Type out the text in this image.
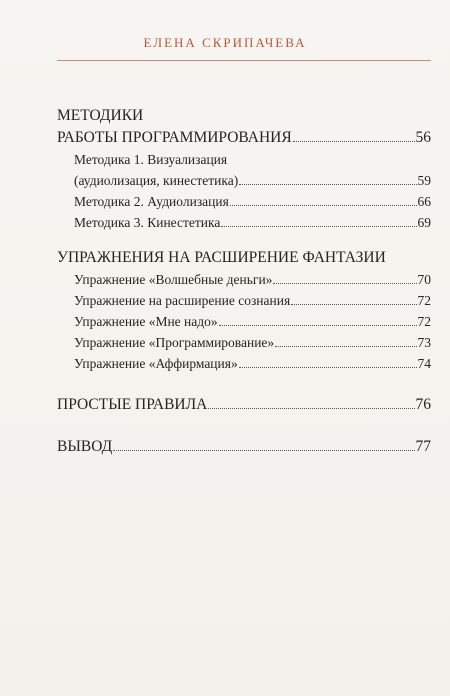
ЕЛЕНА СКРИПАЧЕВА
МЕТОДИКИ
РАБОТЫ ПРОГРАММИРОВАНИЯ	56
Методика 1. Визуализация
(аудиолизация, кинестетика)	59
Методика 2. Аудиолизация	66
Методика 3. Кинестетика	69
УПРАЖНЕНИЯ НА РАСШИРЕНИЕ ФАНТАЗИИ
Упражнение «Волшебные деньги»	70
Упражнение на расширение сознания	72
Упражнение «Мне надо»	72
Упражнение «Программирование»	73
Упражнение «Аффирмация»	74
ПРОСТЫЕ ПРАВИЛА	76
ВЫВОД	77
